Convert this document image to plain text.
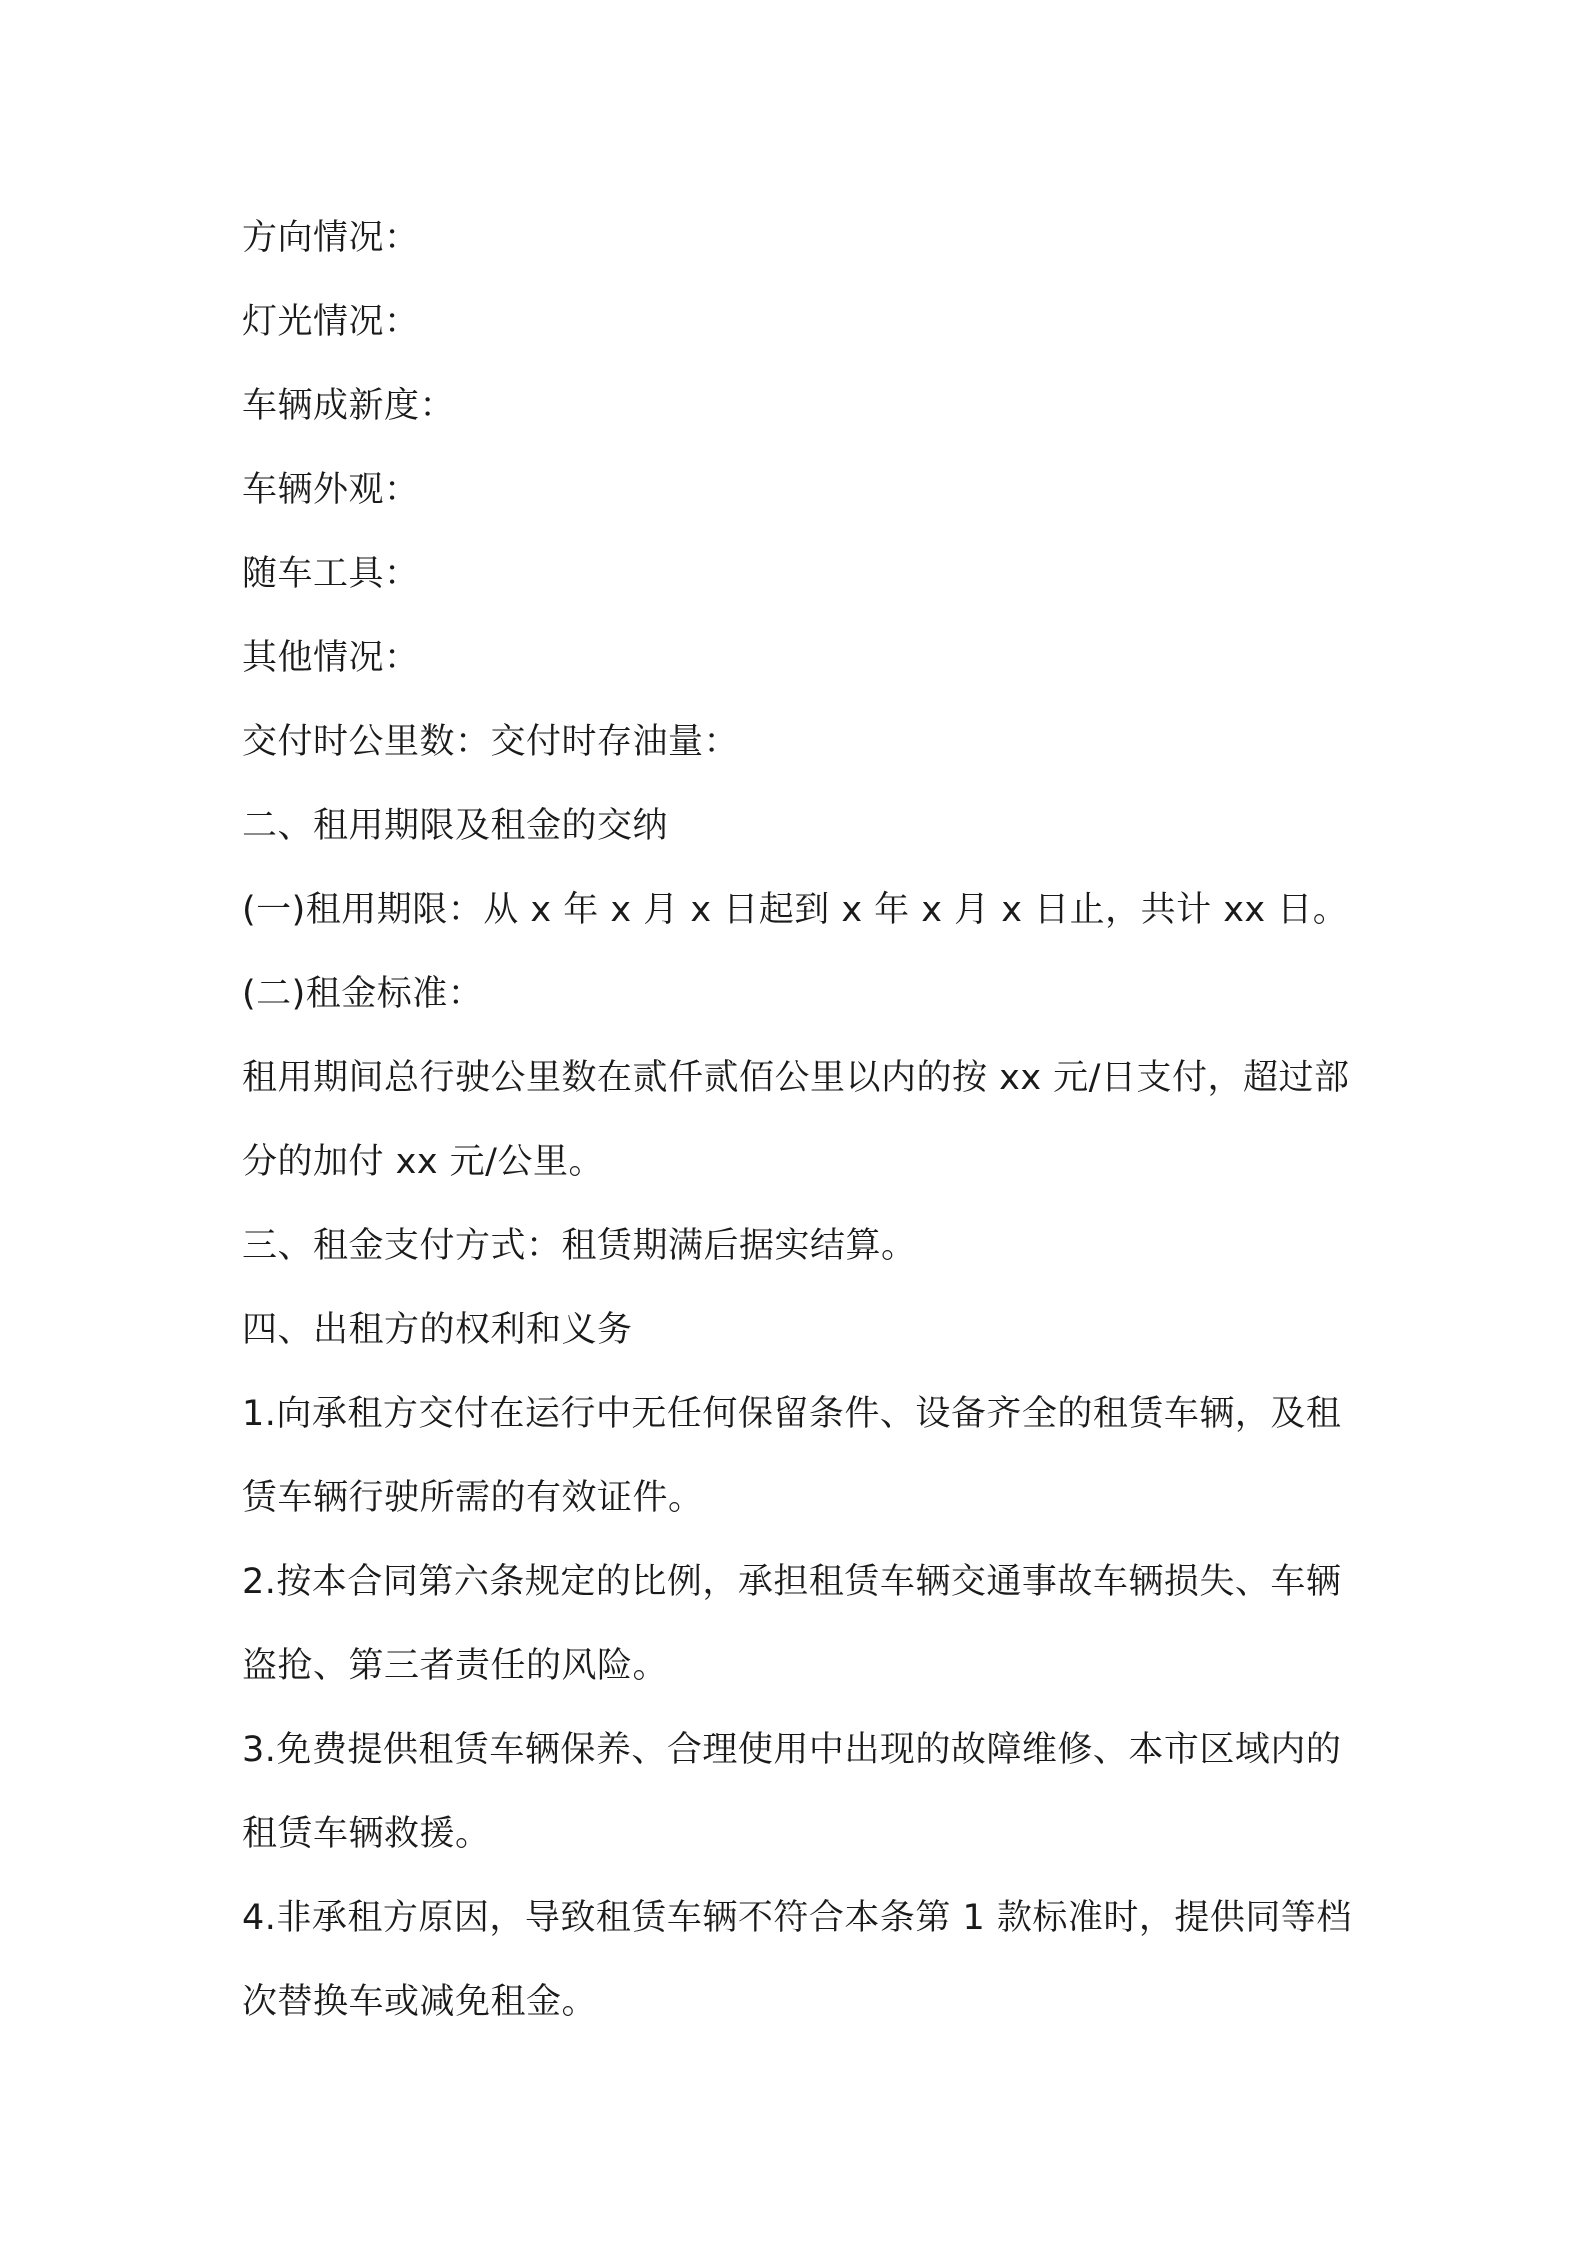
方向情况：
灯光情况：
车辆成新度：
车辆外观：
随车工具：
其他情况：
交付时公里数：交付时存油量：
二、租用期限及租金的交纳
(一)租用期限：从 x 年 x 月 x 日起到 x 年 x 月 x 日止，共计 xx 日。
(二)租金标准：
租用期间总行驶公里数在贰仟贰佰公里以内的按 xx 元/日支付，超过部分的加付 xx 元/公里。
三、租金支付方式：租赁期满后据实结算。
四、出租方的权利和义务
1.向承租方交付在运行中无任何保留条件、设备齐全的租赁车辆，及租赁车辆行驶所需的有效证件。
2.按本合同第六条规定的比例，承担租赁车辆交通事故车辆损失、车辆盗抢、第三者责任的风险。
3.免费提供租赁车辆保养、合理使用中出现的故障维修、本市区域内的租赁车辆救援。
4.非承租方原因，导致租赁车辆不符合本条第 1 款标准时，提供同等档次替换车或减免租金。
